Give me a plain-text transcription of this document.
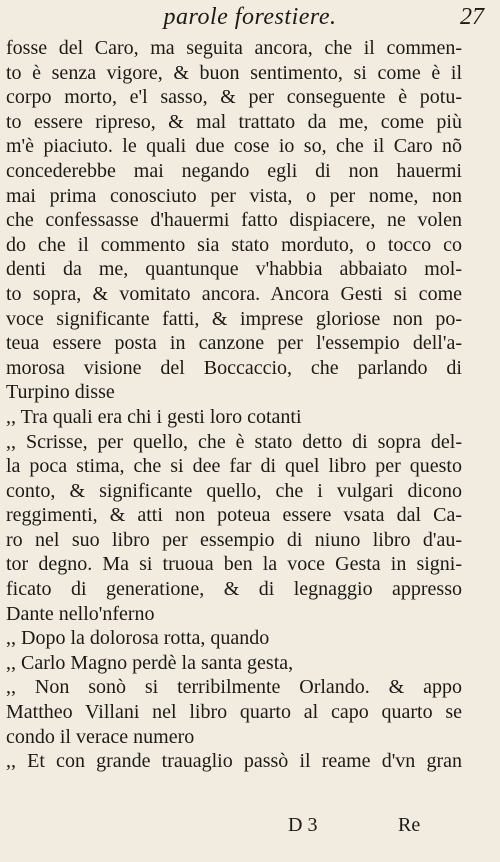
parole forestiere.	27
fosse del Caro, ma seguita ancora, che il commen-
to è senza vigore, & buon sentimento, si come è il
corpo morto, e'l sasso, & per conseguente è potu-
to essere ripreso, & mal trattato da me, come più
m'è piaciuto. le quali due cose io so, che il Caro nõ
concederebbe mai negando egli di non hauermi
mai prima conosciuto per vista, o per nome, non
che confessasse d'hauermi fatto dispiacere, ne volen
do che il commento sia stato morduto, o tocco co
denti da me, quantunque v'habbia abbaiato mol-
to sopra, & vomitato ancora. Ancora Gesti si come
voce significante fatti, & imprese gloriose non po-
teua essere posta in canzone per l'essempio dell'a-
morosa visione del Boccaccio, che parlando di
Turpino disse
,, Tra quali era chi i gesti loro cotanti
,, Scrisse, per quello, che è stato detto di sopra del-
la poca stima, che si dee far di quel libro per questo
conto, & significante quello, che i vulgari dicono
reggimenti, & atti non poteua essere vsata dal Ca-
ro nel suo libro per essempio di niuno libro d'au-
tor degno. Ma si truoua ben la voce Gesta in signi-
ficato di generatione, & di legnaggio appresso
Dante nello'nferno
,, Dopo la dolorosa rotta, quando
,, Carlo Magno perdè la santa gesta,
,, Non sonò si terribilmente Orlando. & appo
Mattheo Villani nel libro quarto al capo quarto se
condo il verace numero
,, Et con grande trauaglio passò il reame d'vn gran
D 3	Re
